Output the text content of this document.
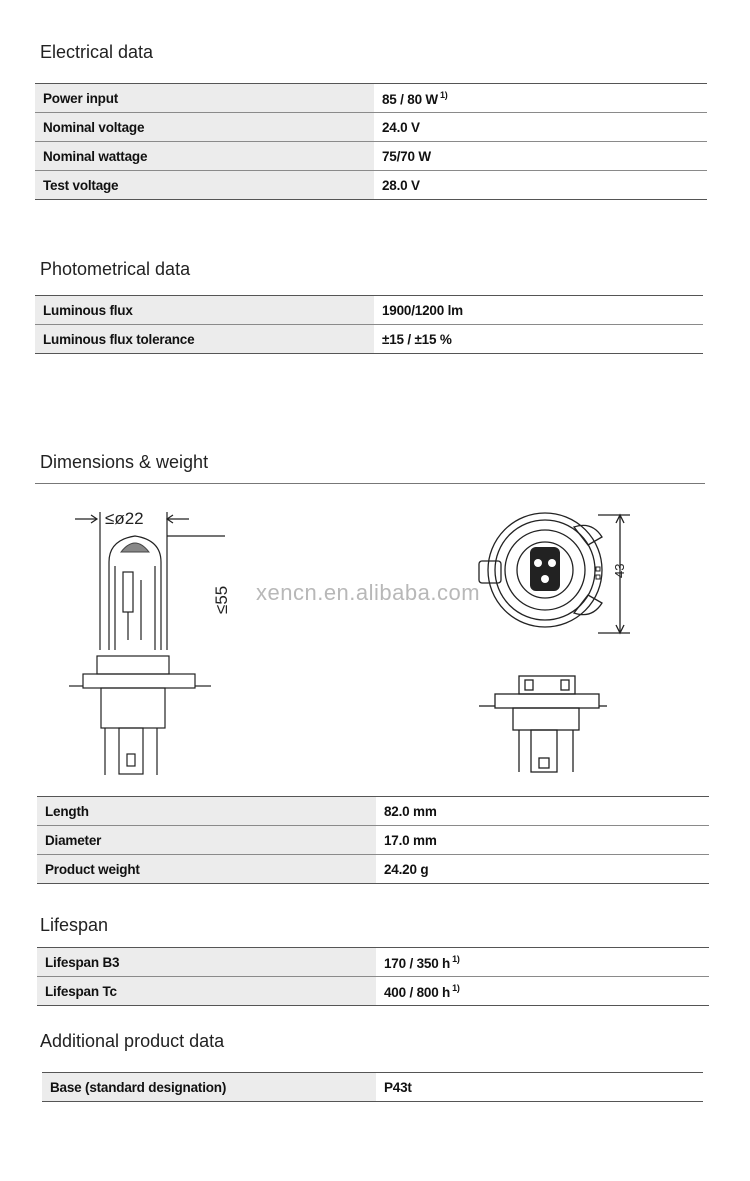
Electrical data
Power input	85 / 80 W $^{1)}$
Nominal voltage	24.0 V
Nominal wattage	75/70 W
Test voltage	28.0 V
Photometrical data
Luminous flux	1900/1200 lm
Luminous flux tolerance	±15 / ±15 %
Dimensions & weight
≤ø22
≤55
43
xencn.en.alibaba.com
Length	82.0 mm
Diameter	17.0 mm
Product weight	24.20 g
Lifespan
Lifespan B3	170 / 350 h $^{1)}$
Lifespan Tc	400 / 800 h $^{1)}$
Additional product data
Base (standard designation)	P43t
